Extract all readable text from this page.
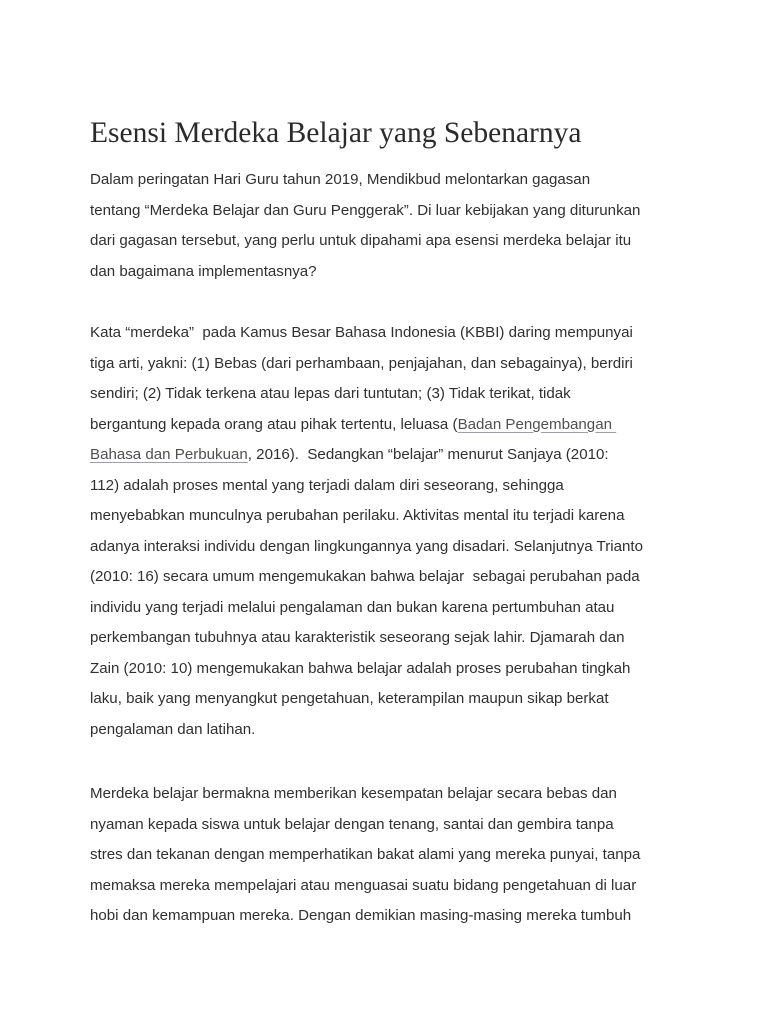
Esensi Merdeka Belajar yang Sebenarnya

Dalam peringatan Hari Guru tahun 2019, Mendikbud melontarkan gagasan
tentang “Merdeka Belajar dan Guru Penggerak”. Di luar kebijakan yang diturunkan
dari gagasan tersebut, yang perlu untuk dipahami apa esensi merdeka belajar itu
dan bagaimana implementasnya?

Kata “merdeka”  pada Kamus Besar Bahasa Indonesia (KBBI) daring mempunyai
tiga arti, yakni: (1) Bebas (dari perhambaan, penjajahan, dan sebagainya), berdiri
sendiri; (2) Tidak terkena atau lepas dari tuntutan; (3) Tidak terikat, tidak
bergantung kepada orang atau pihak tertentu, leluasa (Badan Pengembangan
Bahasa dan Perbukuan, 2016).  Sedangkan “belajar” menurut Sanjaya (2010:
112) adalah proses mental yang terjadi dalam diri seseorang, sehingga
menyebabkan munculnya perubahan perilaku. Aktivitas mental itu terjadi karena
adanya interaksi individu dengan lingkungannya yang disadari. Selanjutnya Trianto
(2010: 16) secara umum mengemukakan bahwa belajar  sebagai perubahan pada
individu yang terjadi melalui pengalaman dan bukan karena pertumbuhan atau
perkembangan tubuhnya atau karakteristik seseorang sejak lahir. Djamarah dan
Zain (2010: 10) mengemukakan bahwa belajar adalah proses perubahan tingkah
laku, baik yang menyangkut pengetahuan, keterampilan maupun sikap berkat
pengalaman dan latihan.

Merdeka belajar bermakna memberikan kesempatan belajar secara bebas dan
nyaman kepada siswa untuk belajar dengan tenang, santai dan gembira tanpa
stres dan tekanan dengan memperhatikan bakat alami yang mereka punyai, tanpa
memaksa mereka mempelajari atau menguasai suatu bidang pengetahuan di luar
hobi dan kemampuan mereka. Dengan demikian masing-masing mereka tumbuh
